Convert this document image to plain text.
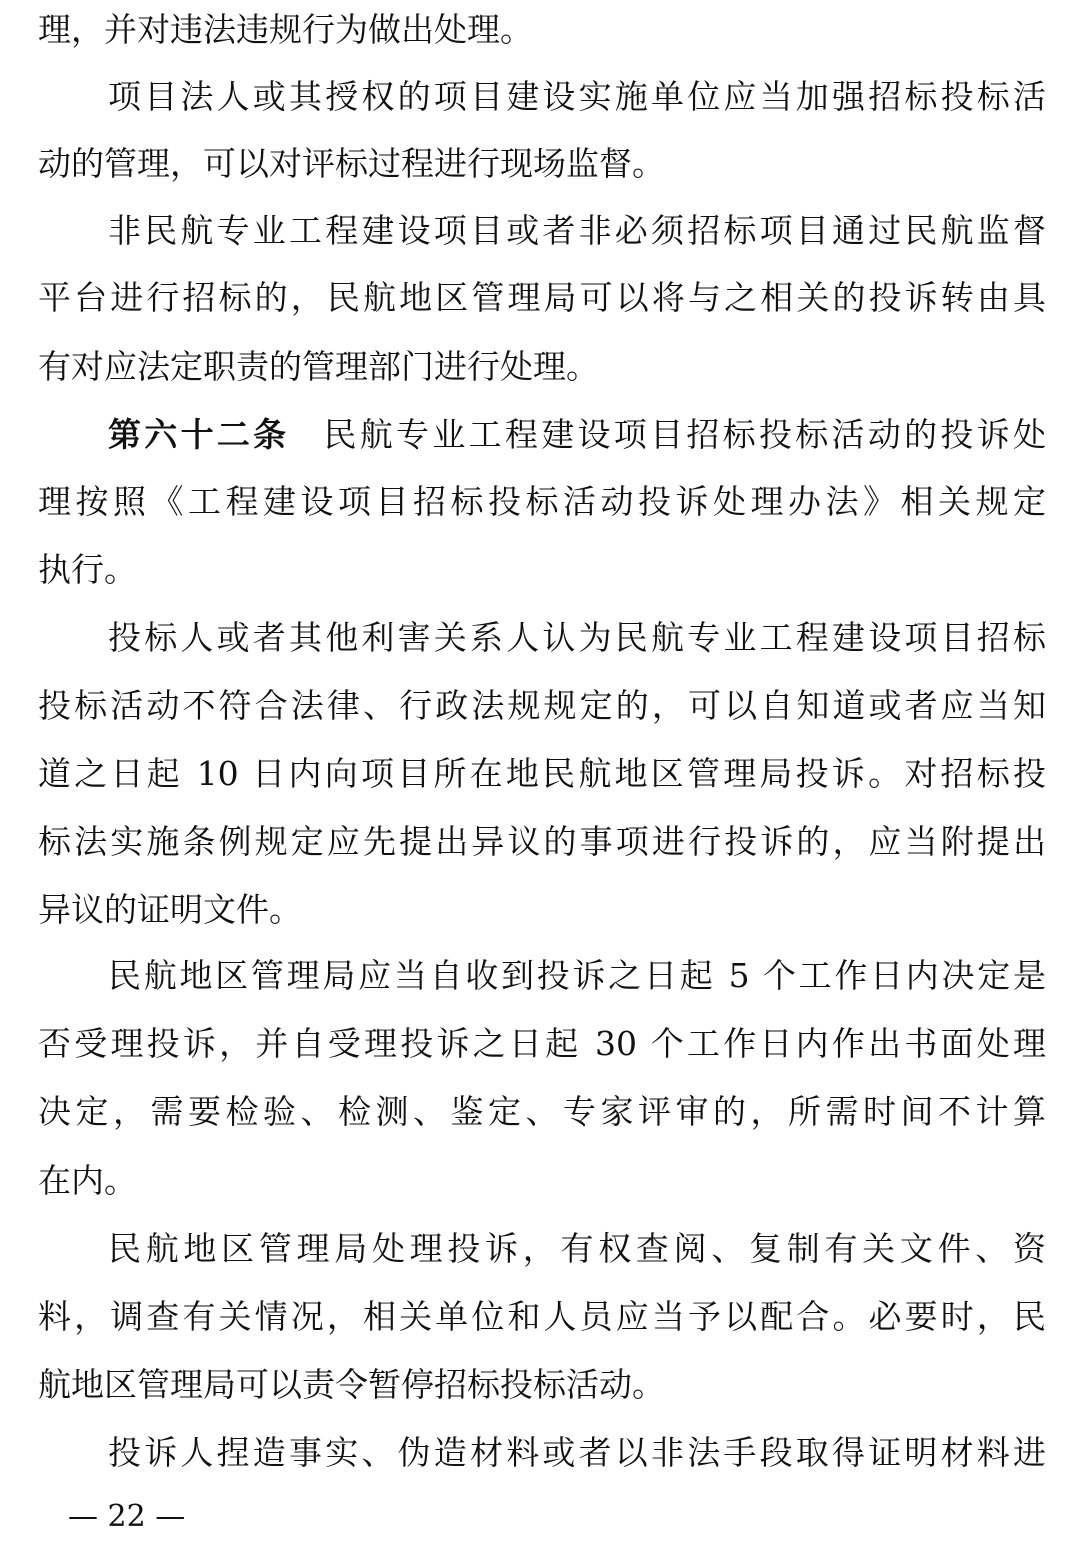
理，并对违法违规行为做出处理。
项目法人或其授权的项目建设实施单位应当加强招标投标活
动的管理，可以对评标过程进行现场监督。
非民航专业工程建设项目或者非必须招标项目通过民航监督
平台进行招标的，民航地区管理局可以将与之相关的投诉转由具
有对应法定职责的管理部门进行处理。
第六十二条 民航专业工程建设项目招标投标活动的投诉处
理按照《工程建设项目招标投标活动投诉处理办法》相关规定
执行。
投标人或者其他利害关系人认为民航专业工程建设项目招标
投标活动不符合法律、行政法规规定的，可以自知道或者应当知
道之日起 10 日内向项目所在地民航地区管理局投诉。对招标投
标法实施条例规定应先提出异议的事项进行投诉的，应当附提出
异议的证明文件。
民航地区管理局应当自收到投诉之日起 5 个工作日内决定是
否受理投诉，并自受理投诉之日起 30 个工作日内作出书面处理
决定，需要检验、检测、鉴定、专家评审的，所需时间不计算
在内。
民航地区管理局处理投诉，有权查阅、复制有关文件、资
料，调查有关情况，相关单位和人员应当予以配合。必要时，民
航地区管理局可以责令暂停招标投标活动。
投诉人捏造事实、伪造材料或者以非法手段取得证明材料进
— 22 —
